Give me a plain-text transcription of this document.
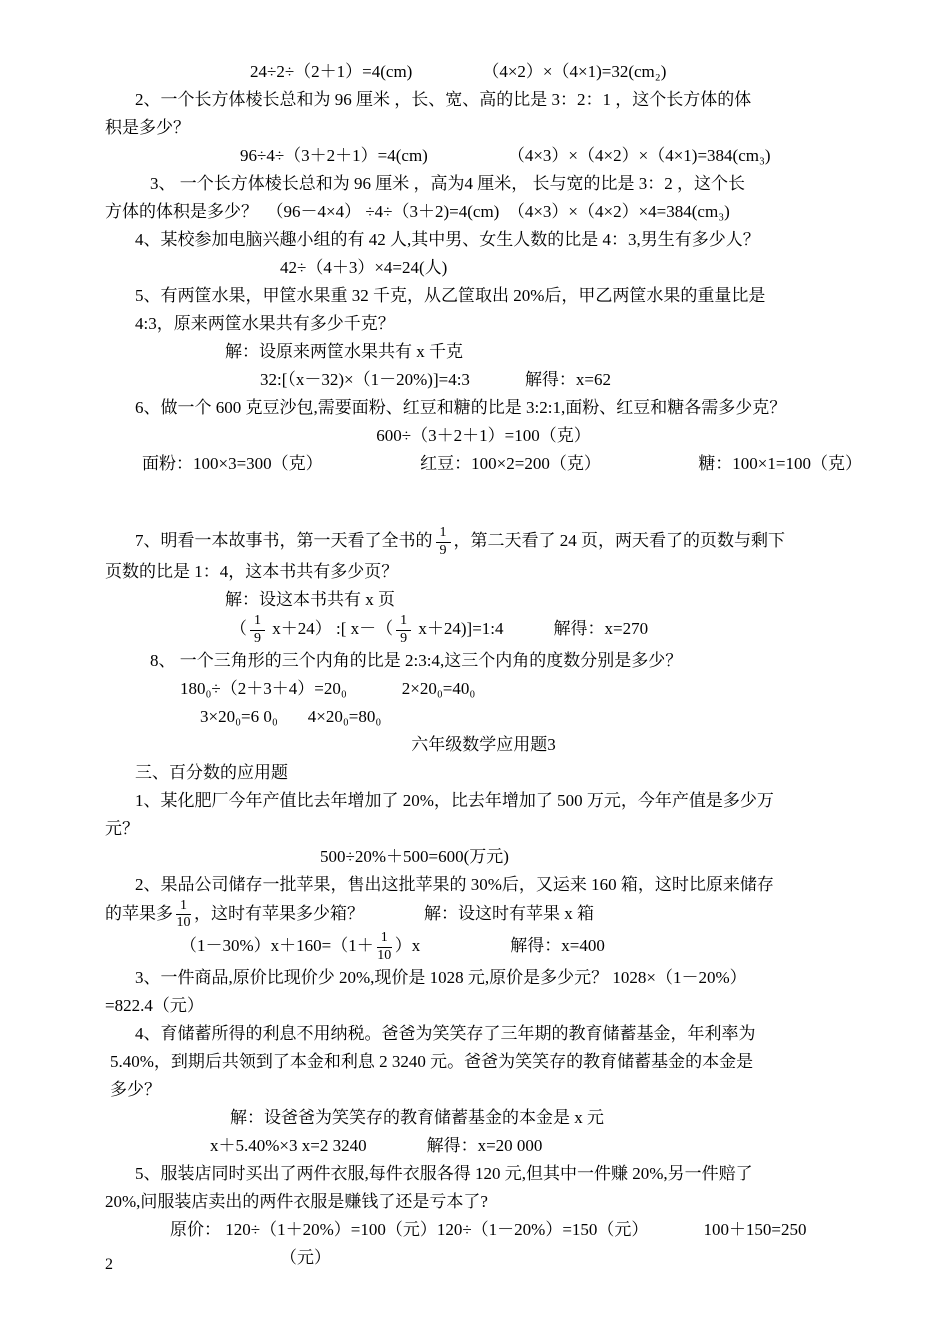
24÷2÷（2＋1）=4(cm)	（4×2）×（4×1)=32(cm₂)

2、一个长方体棱长总和为 96 厘米 ，长、宽、高的比是 3：2：1 ，这个长方体的体

积是多少？

96÷4÷（3＋2＋1）=4(cm)	（4×3）×（4×2）×（4×1)=384(cm₃)

3、 一个长方体棱长总和为 96 厘米 ，高为4 厘米， 长与宽的比是 3：2 ，这个长

方体的体积是多少？　（96－4×4） ÷4÷（3＋2)=4(cm)　（4×3）×（4×2）×4=384(cm₃)

4、某校参加电脑兴趣小组的有 42 人,其中男、女生人数的比是 4：3,男生有多少人？

42÷（4＋3）×4=24(人)

5、有两筐水果，甲筐水果重 32 千克，从乙筐取出 20%后，甲乙两筐水果的重量比是

4:3，原来两筐水果共有多少千克？

解：设原来两筐水果共有 x 千克

32:[（x－32)×（1－20%)]=4:3	解得：x=62

6、做一个 600 克豆沙包,需要面粉、红豆和糖的比是 3:2:1,面粉、红豆和糖各需多少克？

600÷（3＋2＋1）=100（克）

面粉：100×3=300（克）	红豆：100×2=200（克）	糖：100×1=100（克）

7、明看一本故事书，第一天看了全书的 $\frac{1}{9}$ ，第二天看了 24 页，两天看了的页数与剩下

页数的比是 1：4，这本书共有多少页？

解：设这本书共有 x 页

（ $\frac{1}{9} x+24$） :[ $x-( \frac{1}{9}$ x＋24)]=1:4	解得：x=270

8、 一个三角形的三个内角的比是 2:3:4,这三个内角的度数分别是多少？

180₀÷（2＋3＋4）=20₀	2×20₀=40₀

3×20₀=6 0₀ 4×20₀=80₀

六年级数学应用题3

三、百分数的应用题

1、某化肥厂今年产值比去年增加了 20%，比去年增加了 500 万元，今年产值是多少万

元？

500÷20%＋500=600(万元)

2、果品公司储存一批苹果，售出这批苹果的 30%后，又运来 160 箱，这时比原来储存

的苹果多 $\frac{1}{10}$ ，这时有苹果多少箱？	解：设这时有苹果 x 箱

$(1-30\%)x+160=(1+ \frac{1}{10} )x$	解得：x=400

3、一件商品,原价比现价少 20%,现价是 1028 元,原价是多少元？ 1028×（1－20%）

=822.4（元）

4、育储蓄所得的利息不用纳税。爸爸为笑笑存了三年期的教育储蓄基金，年利率为

5.40%，到期后共领到了本金和利息 2 3240 元。爸爸为笑笑存的教育储蓄基金的本金是

多少？

解：设爸爸为笑笑存的教育储蓄基金的本金是 x 元

x＋5.40%×3 x=2 3240	解得：x=20 000

5、服装店同时买出了两件衣服,每件衣服各得 120 元,但其中一件赚 20%,另一件赔了

20%,问服装店卖出的两件衣服是赚钱了还是亏本了?

原价： 120÷（1＋20%）=100（元）120÷（1－20%）=150（元）	100＋150=250

（元）

2
